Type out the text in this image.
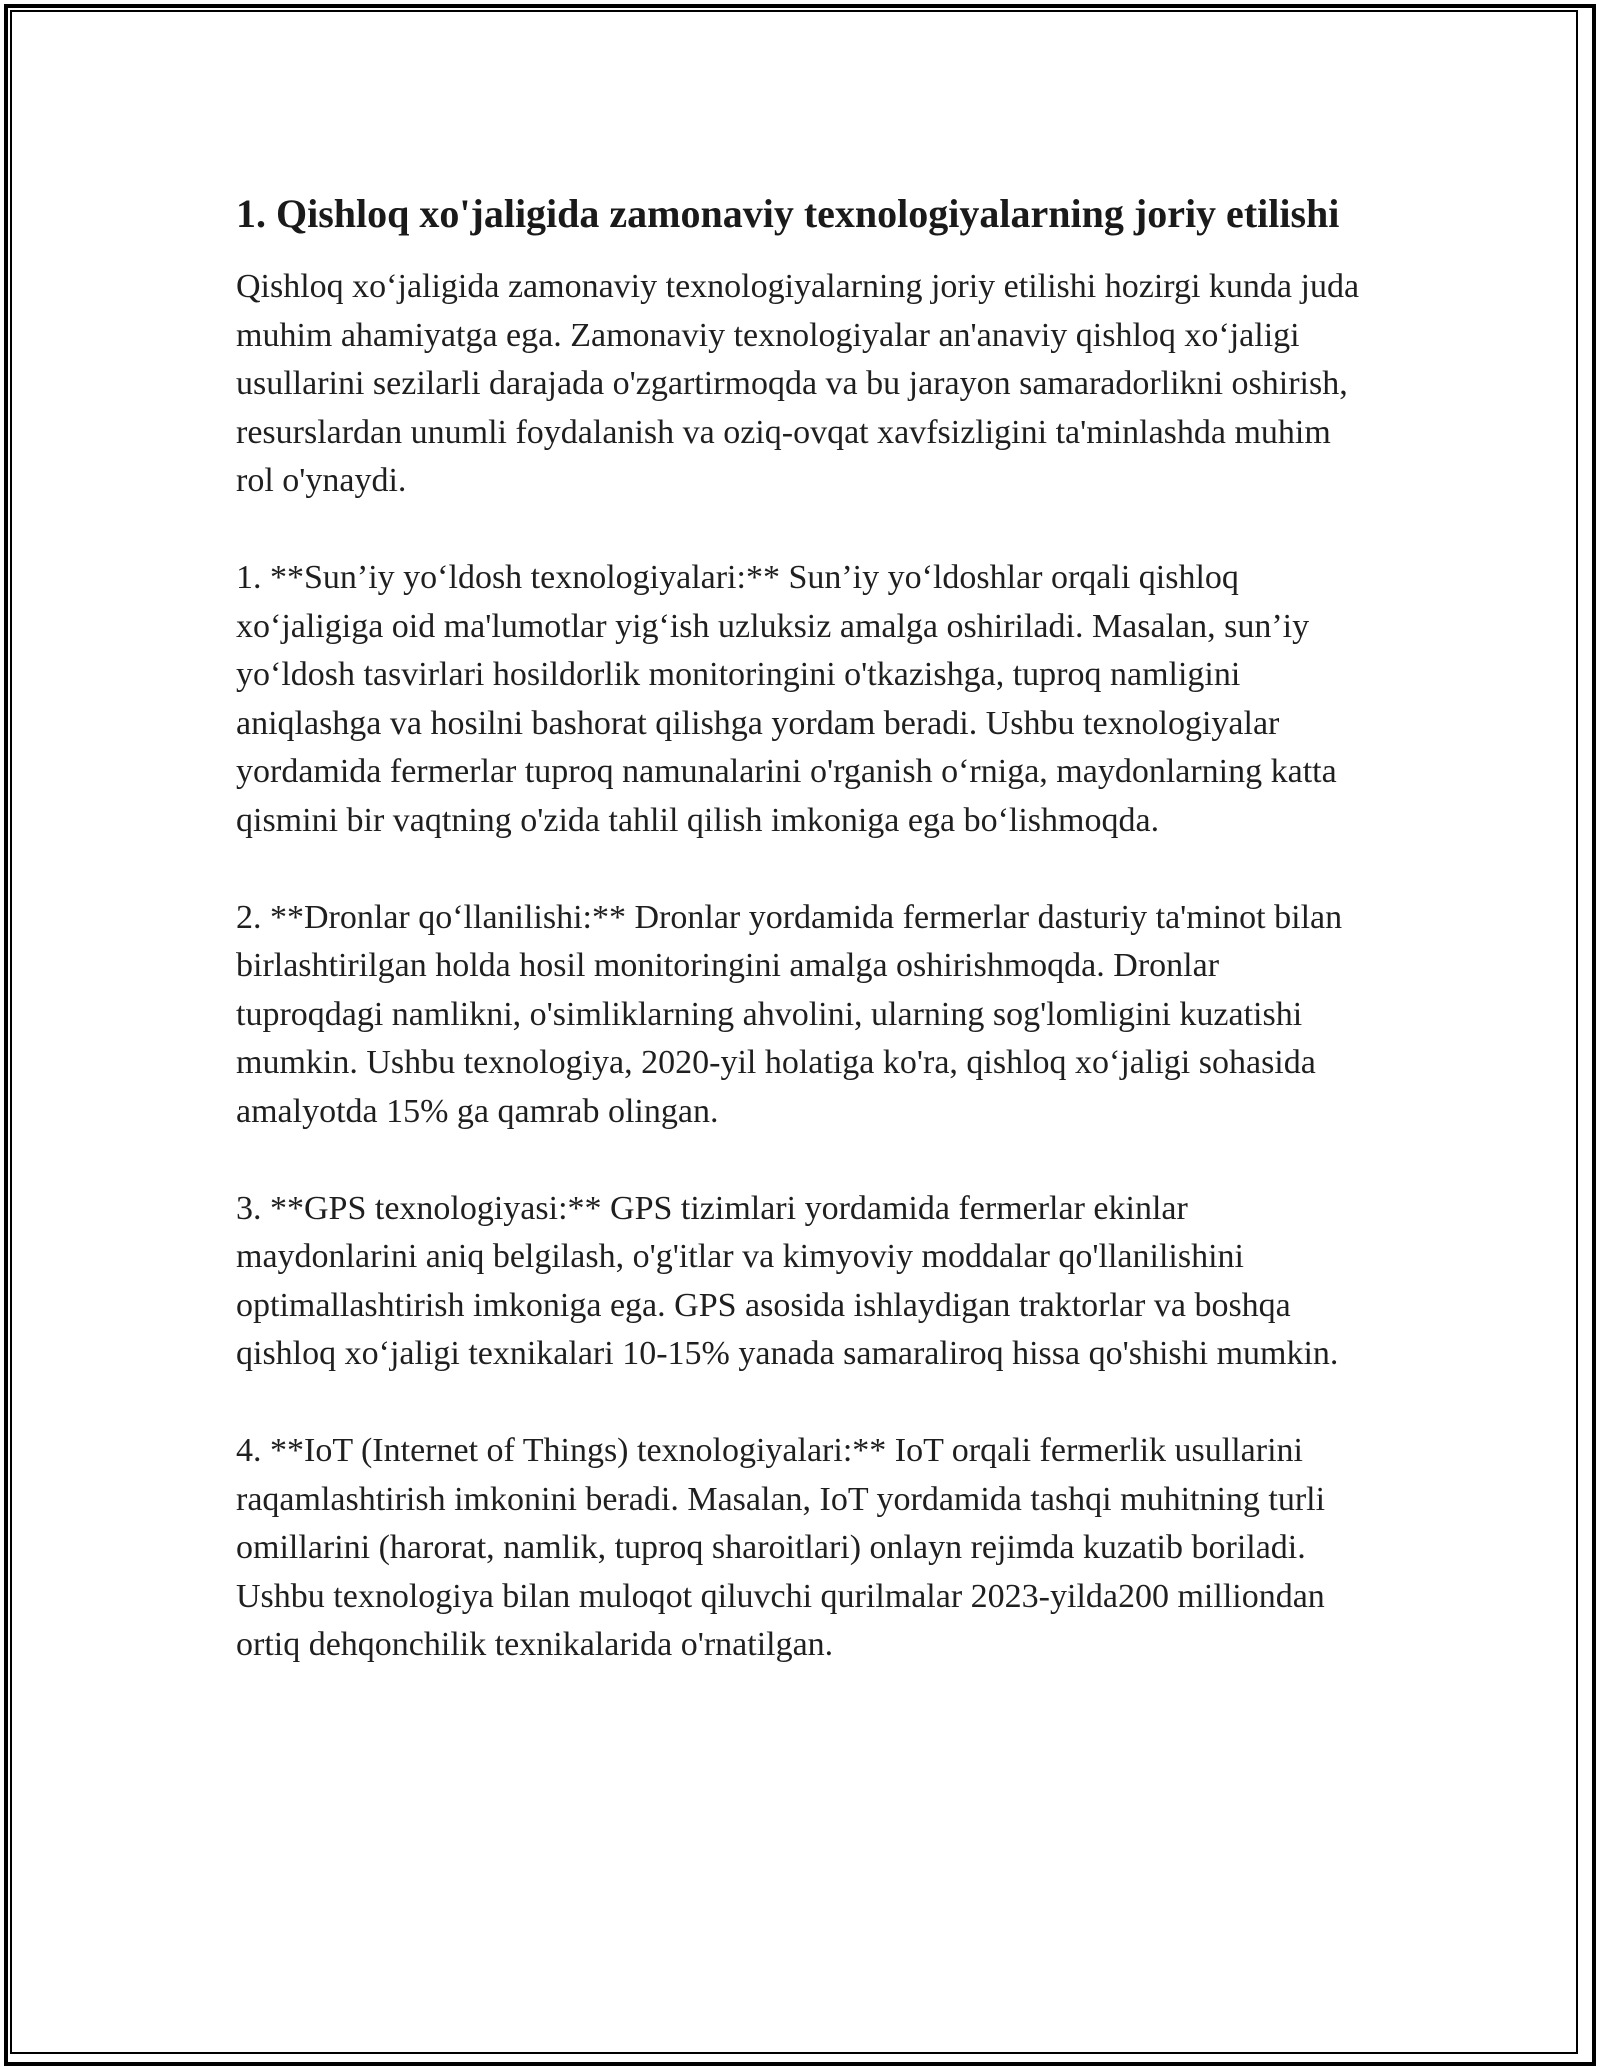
1. Qishloq xo'jaligida zamonaviy texnologiyalarning joriy etilishi

Qishloq xo‘jaligida zamonaviy texnologiyalarning joriy etilishi hozirgi kunda juda muhim ahamiyatga ega. Zamonaviy texnologiyalar an'anaviy qishloq xo‘jaligi usullarini sezilarli darajada o'zgartirmoqda va bu jarayon samaradorlikni oshirish, resurslardan unumli foydalanish va oziq-ovqat xavfsizligini ta'minlashda muhim rol o'ynaydi.

1. **Sun’iy yo‘ldosh texnologiyalari:** Sun’iy yo‘ldoshlar orqali qishloq xo‘jaligiga oid ma'lumotlar yig‘ish uzluksiz amalga oshiriladi. Masalan, sun’iy yo‘ldosh tasvirlari hosildorlik monitoringini o'tkazishga, tuproq namligini aniqlashga va hosilni bashorat qilishga yordam beradi. Ushbu texnologiyalar yordamida fermerlar tuproq namunalarini o'rganish o‘rniga, maydonlarning katta qismini bir vaqtning o'zida tahlil qilish imkoniga ega bo‘lishmoqda.

2. **Dronlar qo‘llanilishi:** Dronlar yordamida fermerlar dasturiy ta'minot bilan birlashtirilgan holda hosil monitoringini amalga oshirishmoqda. Dronlar tuproqdagi namlikni, o'simliklarning ahvolini, ularning sog'lomligini kuzatishi mumkin. Ushbu texnologiya, 2020-yil holatiga ko'ra, qishloq xo‘jaligi sohasida amalyotda 15% ga qamrab olingan.

3. **GPS texnologiyasi:** GPS tizimlari yordamida fermerlar ekinlar maydonlarini aniq belgilash, o'g'itlar va kimyoviy moddalar qo'llanilishini optimallashtirish imkoniga ega. GPS asosida ishlaydigan traktorlar va boshqa qishloq xo‘jaligi texnikalari 10-15% yanada samaraliroq hissa qo'shishi mumkin.

4. **IoT (Internet of Things) texnologiyalari:** IoT orqali fermerlik usullarini raqamlashtirish imkonini beradi. Masalan, IoT yordamida tashqi muhitning turli omillarini (harorat, namlik, tuproq sharoitlari) onlayn rejimda kuzatib boriladi. Ushbu texnologiya bilan muloqot qiluvchi qurilmalar 2023-yilda200 milliondan ortiq dehqonchilik texnikalarida o'rnatilgan.
